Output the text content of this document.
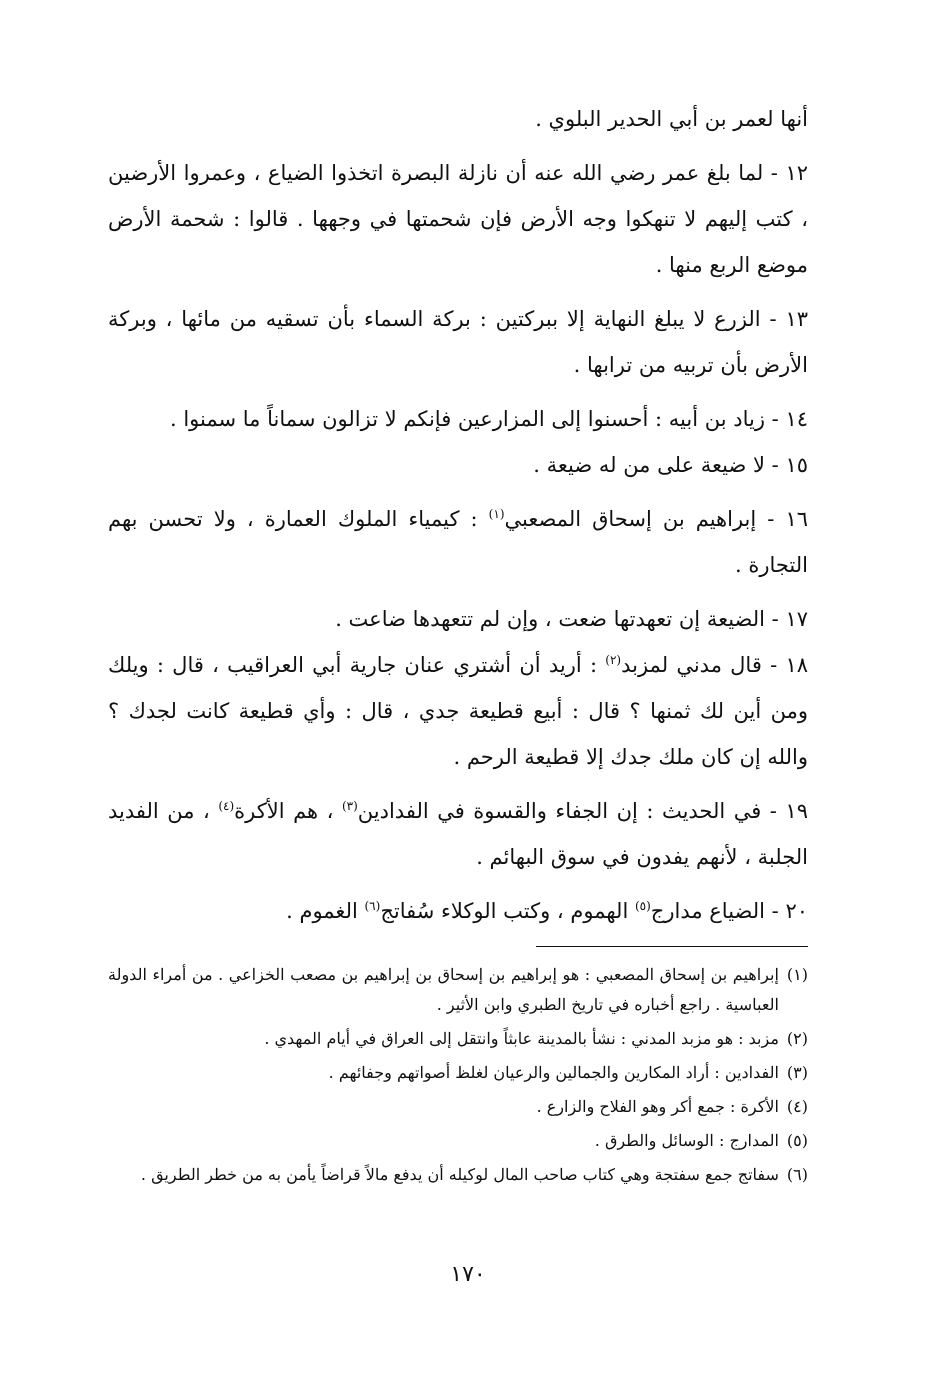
أنها لعمر بن أبي الحدير البلوي .

١٢ - لما بلغ عمر رضي الله عنه أن نازلة البصرة اتخذوا الضياع ، وعمروا الأرضين ، كتب إليهم لا تنهكوا وجه الأرض فإن شحمتها في وجهها . قالوا : شحمة الأرض موضع الربع منها .

١٣ - الزرع لا يبلغ النهاية إلا ببركتين : بركة السماء بأن تسقيه من مائها ، وبركة الأرض بأن تربيه من ترابها .

١٤ - زياد بن أبيه : أحسنوا إلى المزارعين فإنكم لا تزالون سماناً ما سمنوا .

١٥ - لا ضيعة على من له ضيعة .

١٦ - إبراهيم بن إسحاق المصعبي$^{(١)}$ : كيمياء الملوك العمارة ، ولا تحسن بهم التجارة .

١٧ - الضيعة إن تعهدتها ضعت ، وإن لم تتعهدها ضاعت .

١٨ - قال مدني لمزبد$^{(٢)}$ : أريد أن أشتري عنان جارية أبي العراقيب ، قال : ويلك ومن أين لك ثمنها ؟ قال : أبيع قطيعة جدي ، قال : وأي قطيعة كانت لجدك ؟ والله إن كان ملك جدك إلا قطيعة الرحم .

١٩ - في الحديث : إن الجفاء والقسوة في الفدادين$^{(٣)}$ ، هم الأكرة$^{(٤)}$ ، من الفديد الجلبة ، لأنهم يفدون في سوق البهائم .

٢٠ - الضياع مدارج$^{(٥)}$ الهموم ، وكتب الوكلاء سُفاتج$^{(٦)}$ الغموم .

(١)
إبراهيم بن إسحاق المصعبي : هو إبراهيم بن إسحاق بن إبراهيم بن مصعب الخزاعي . من أمراء الدولة العباسية . راجع أخباره في تاريخ الطبري وابن الأثير .
(٢)
مزبد : هو مزبد المدني : نشأ بالمدينة عابثاً وانتقل إلى العراق في أيام المهدي .
(٣)
الفدادين : أراد المكارين والجمالين والرعيان لغلظ أصواتهم وجفائهم .
(٤)
الأكرة : جمع أكر وهو الفلاح والزارع .
(٥)
المدارج : الوسائل والطرق .
(٦)
سفاتج جمع سفتجة وهي كتاب صاحب المال لوكيله أن يدفع مالاً قراضاً يأمن به من خطر الطريق .
١٧٠
